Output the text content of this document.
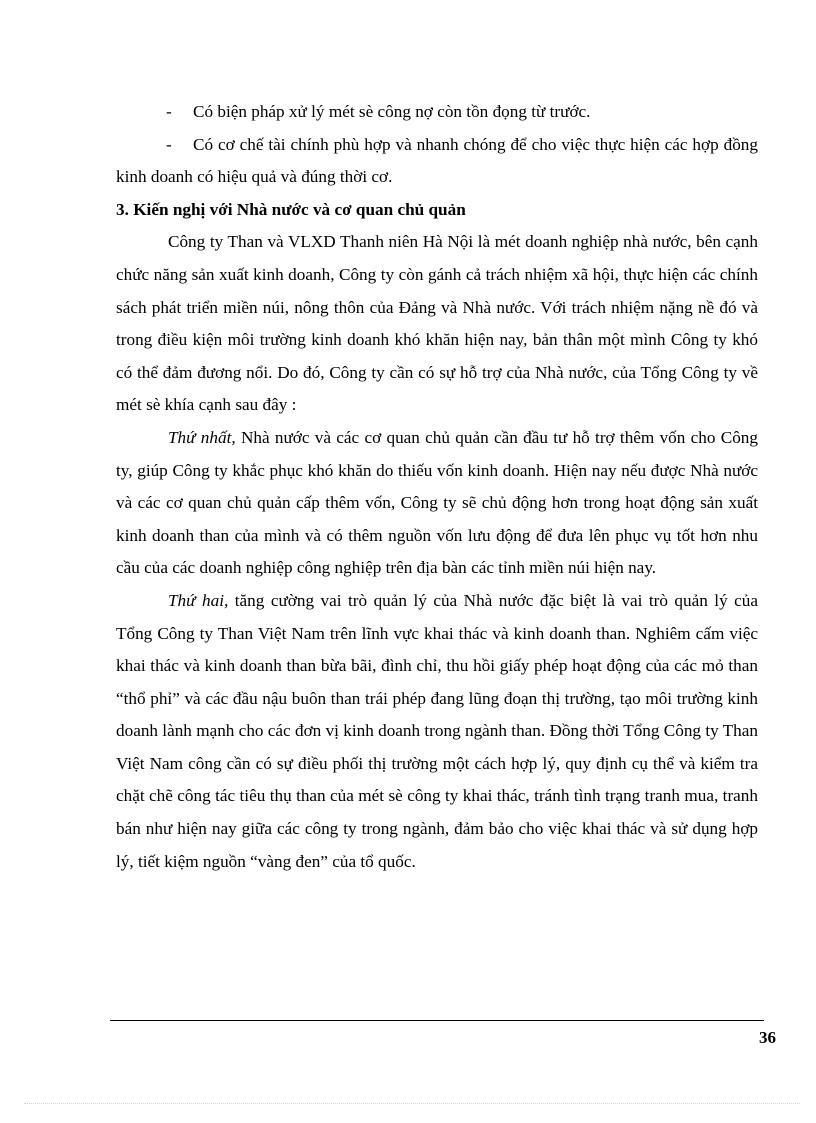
- Có biện pháp xử lý mét sè công nợ còn tồn đọng từ trước.

- Có cơ chế tài chính phù hợp và nhanh chóng để cho việc thực hiện các hợp đồng kinh doanh có hiệu quả và đúng thời cơ.

3. Kiến nghị với Nhà nước và cơ quan chủ quản

Công ty Than và VLXD Thanh niên Hà Nội là mét doanh nghiệp nhà nước, bên cạnh chức năng sản xuất kinh doanh, Công ty còn gánh cả trách nhiệm xã hội, thực hiện các chính sách phát triển miền núi, nông thôn của Đảng và Nhà nước. Với trách nhiệm nặng nề đó và trong điều kiện môi trường kinh doanh khó khăn hiện nay, bản thân một mình Công ty khó có thể đảm đương nổi. Do đó, Công ty cần có sự hỗ trợ của Nhà nước, của Tổng Công ty về mét sè khía cạnh sau đây :

Thứ nhất, Nhà nước và các cơ quan chủ quản cần đầu tư hỗ trợ thêm vốn cho Công ty, giúp Công ty khắc phục khó khăn do thiếu vốn kinh doanh. Hiện nay nếu được Nhà nước và các cơ quan chủ quản cấp thêm vốn, Công ty sẽ chủ động hơn trong hoạt động sản xuất kinh doanh than của mình và có thêm nguồn vốn lưu động để đưa lên phục vụ tốt hơn nhu cầu của các doanh nghiệp công nghiệp trên địa bàn các tỉnh miền núi hiện nay.

Thứ hai, tăng cường vai trò quản lý của Nhà nước đặc biệt là vai trò quản lý của Tổng Công ty Than Việt Nam trên lĩnh vực khai thác và kinh doanh than. Nghiêm cấm việc khai thác và kinh doanh than bừa bãi, đình chỉ, thu hồi giấy phép hoạt động của các mỏ than “thổ phỉ” và các đầu nậu buôn than trái phép đang lũng đoạn thị trường, tạo môi trường kinh doanh lành mạnh cho các đơn vị kinh doanh trong ngành than. Đồng thời Tổng Công ty Than Việt Nam công cần có sự điều phối thị trường một cách hợp lý, quy định cụ thể và kiểm tra chặt chẽ công tác tiêu thụ than của mét sè công ty khai thác, tránh tình trạng tranh mua, tranh bán như hiện nay giữa các công ty trong ngành, đảm bảo cho việc khai thác và sử dụng hợp lý, tiết kiệm nguồn “vàng đen” của tổ quốc.

36
